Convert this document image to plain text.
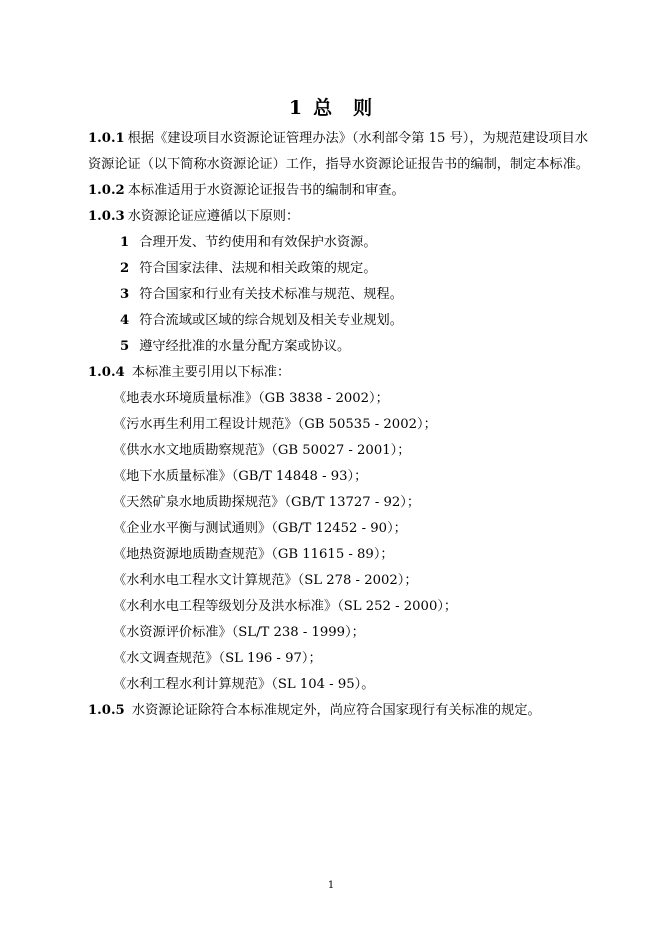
1 总　则
1.0.1 根据《建设项目水资源论证管理办法》（水利部令第 15 号），为规范建设项目水
资源论证（以下简称水资源论证）工作，指导水资源论证报告书的编制，制定本标准。
1.0.2 本标准适用于水资源论证报告书的编制和审查。
1.0.3 水资源论证应遵循以下原则：
1 合理开发、节约使用和有效保护水资源。
2 符合国家法律、法规和相关政策的规定。
3 符合国家和行业有关技术标准与规范、规程。
4 符合流域或区域的综合规划及相关专业规划。
5 遵守经批准的水量分配方案或协议。
1.0.4 本标准主要引用以下标准：
《地表水环境质量标准》（GB 3838 - 2002）；
《污水再生利用工程设计规范》（GB 50535 - 2002）；
《供水水文地质勘察规范》（GB 50027 - 2001）；
《地下水质量标准》（GB/T 14848 - 93）；
《天然矿泉水地质勘探规范》（GB/T 13727 - 92）；
《企业水平衡与测试通则》（GB/T 12452 - 90）；
《地热资源地质勘查规范》（GB 11615 - 89）；
《水利水电工程水文计算规范》（SL 278 - 2002）；
《水利水电工程等级划分及洪水标准》（SL 252 - 2000）；
《水资源评价标准》（SL/T 238 - 1999）；
《水文调查规范》（SL 196 - 97）；
《水利工程水利计算规范》（SL 104 - 95）。
1.0.5 水资源论证除符合本标准规定外，尚应符合国家现行有关标准的规定。
1
